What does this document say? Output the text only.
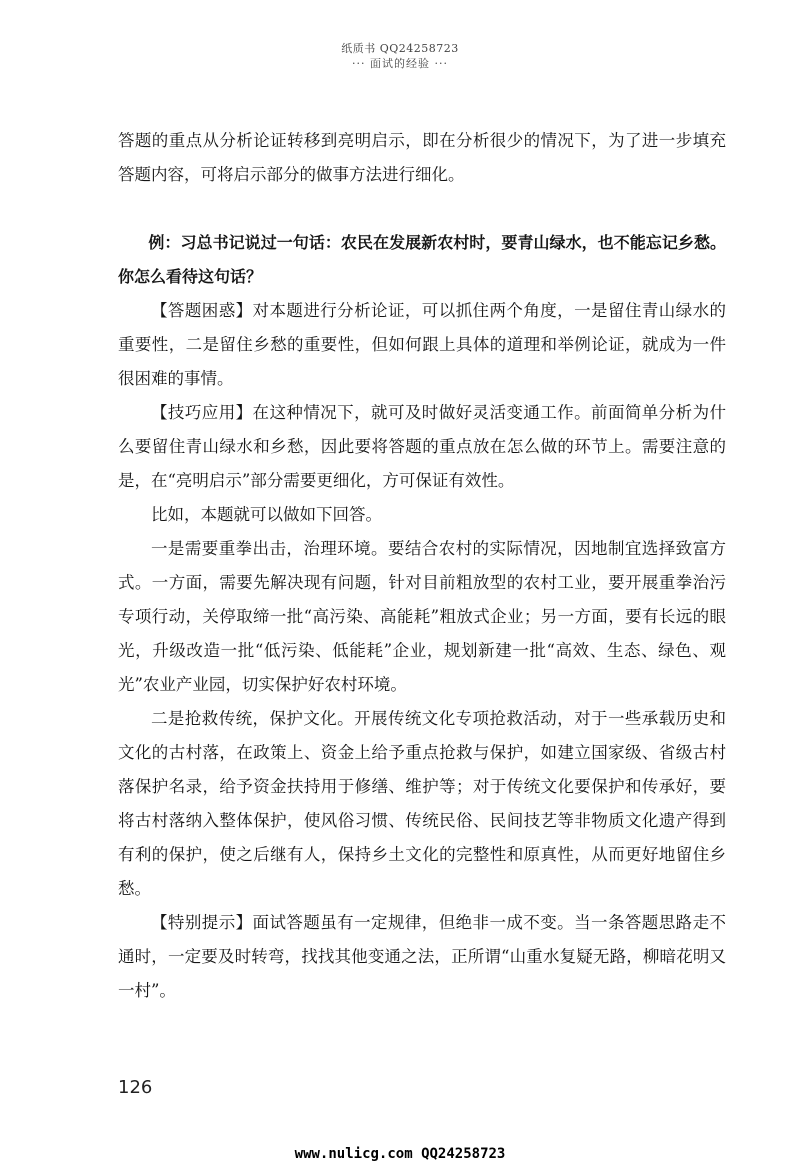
纸质书 QQ24258723
··· 面试的经验 ···

答题的重点从分析论证转移到亮明启示，即在分析很少的情况下，为了进一步填充答题内容，可将启示部分的做事方法进行细化。

例：习总书记说过一句话：农民在发展新农村时，要青山绿水，也不能忘记乡愁。你怎么看待这句话？

【答题困惑】对本题进行分析论证，可以抓住两个角度，一是留住青山绿水的重要性，二是留住乡愁的重要性，但如何跟上具体的道理和举例论证，就成为一件很困难的事情。

【技巧应用】在这种情况下，就可及时做好灵活变通工作。前面简单分析为什么要留住青山绿水和乡愁，因此要将答题的重点放在怎么做的环节上。需要注意的是，在“亮明启示”部分需要更细化，方可保证有效性。

比如，本题就可以做如下回答。

一是需要重拳出击，治理环境。要结合农村的实际情况，因地制宜选择致富方式。一方面，需要先解决现有问题，针对目前粗放型的农村工业，要开展重拳治污专项行动，关停取缔一批“高污染、高能耗”粗放式企业；另一方面，要有长远的眼光，升级改造一批“低污染、低能耗”企业，规划新建一批“高效、生态、绿色、观光”农业产业园，切实保护好农村环境。

二是抢救传统，保护文化。开展传统文化专项抢救活动，对于一些承载历史和文化的古村落，在政策上、资金上给予重点抢救与保护，如建立国家级、省级古村落保护名录，给予资金扶持用于修缮、维护等；对于传统文化要保护和传承好，要将古村落纳入整体保护，使风俗习惯、传统民俗、民间技艺等非物质文化遗产得到有利的保护，使之后继有人，保持乡土文化的完整性和原真性，从而更好地留住乡愁。

【特别提示】面试答题虽有一定规律，但绝非一成不变。当一条答题思路走不通时，一定要及时转弯，找找其他变通之法，正所谓“山重水复疑无路，柳暗花明又一村”。

126
www.nulicg.com QQ24258723
